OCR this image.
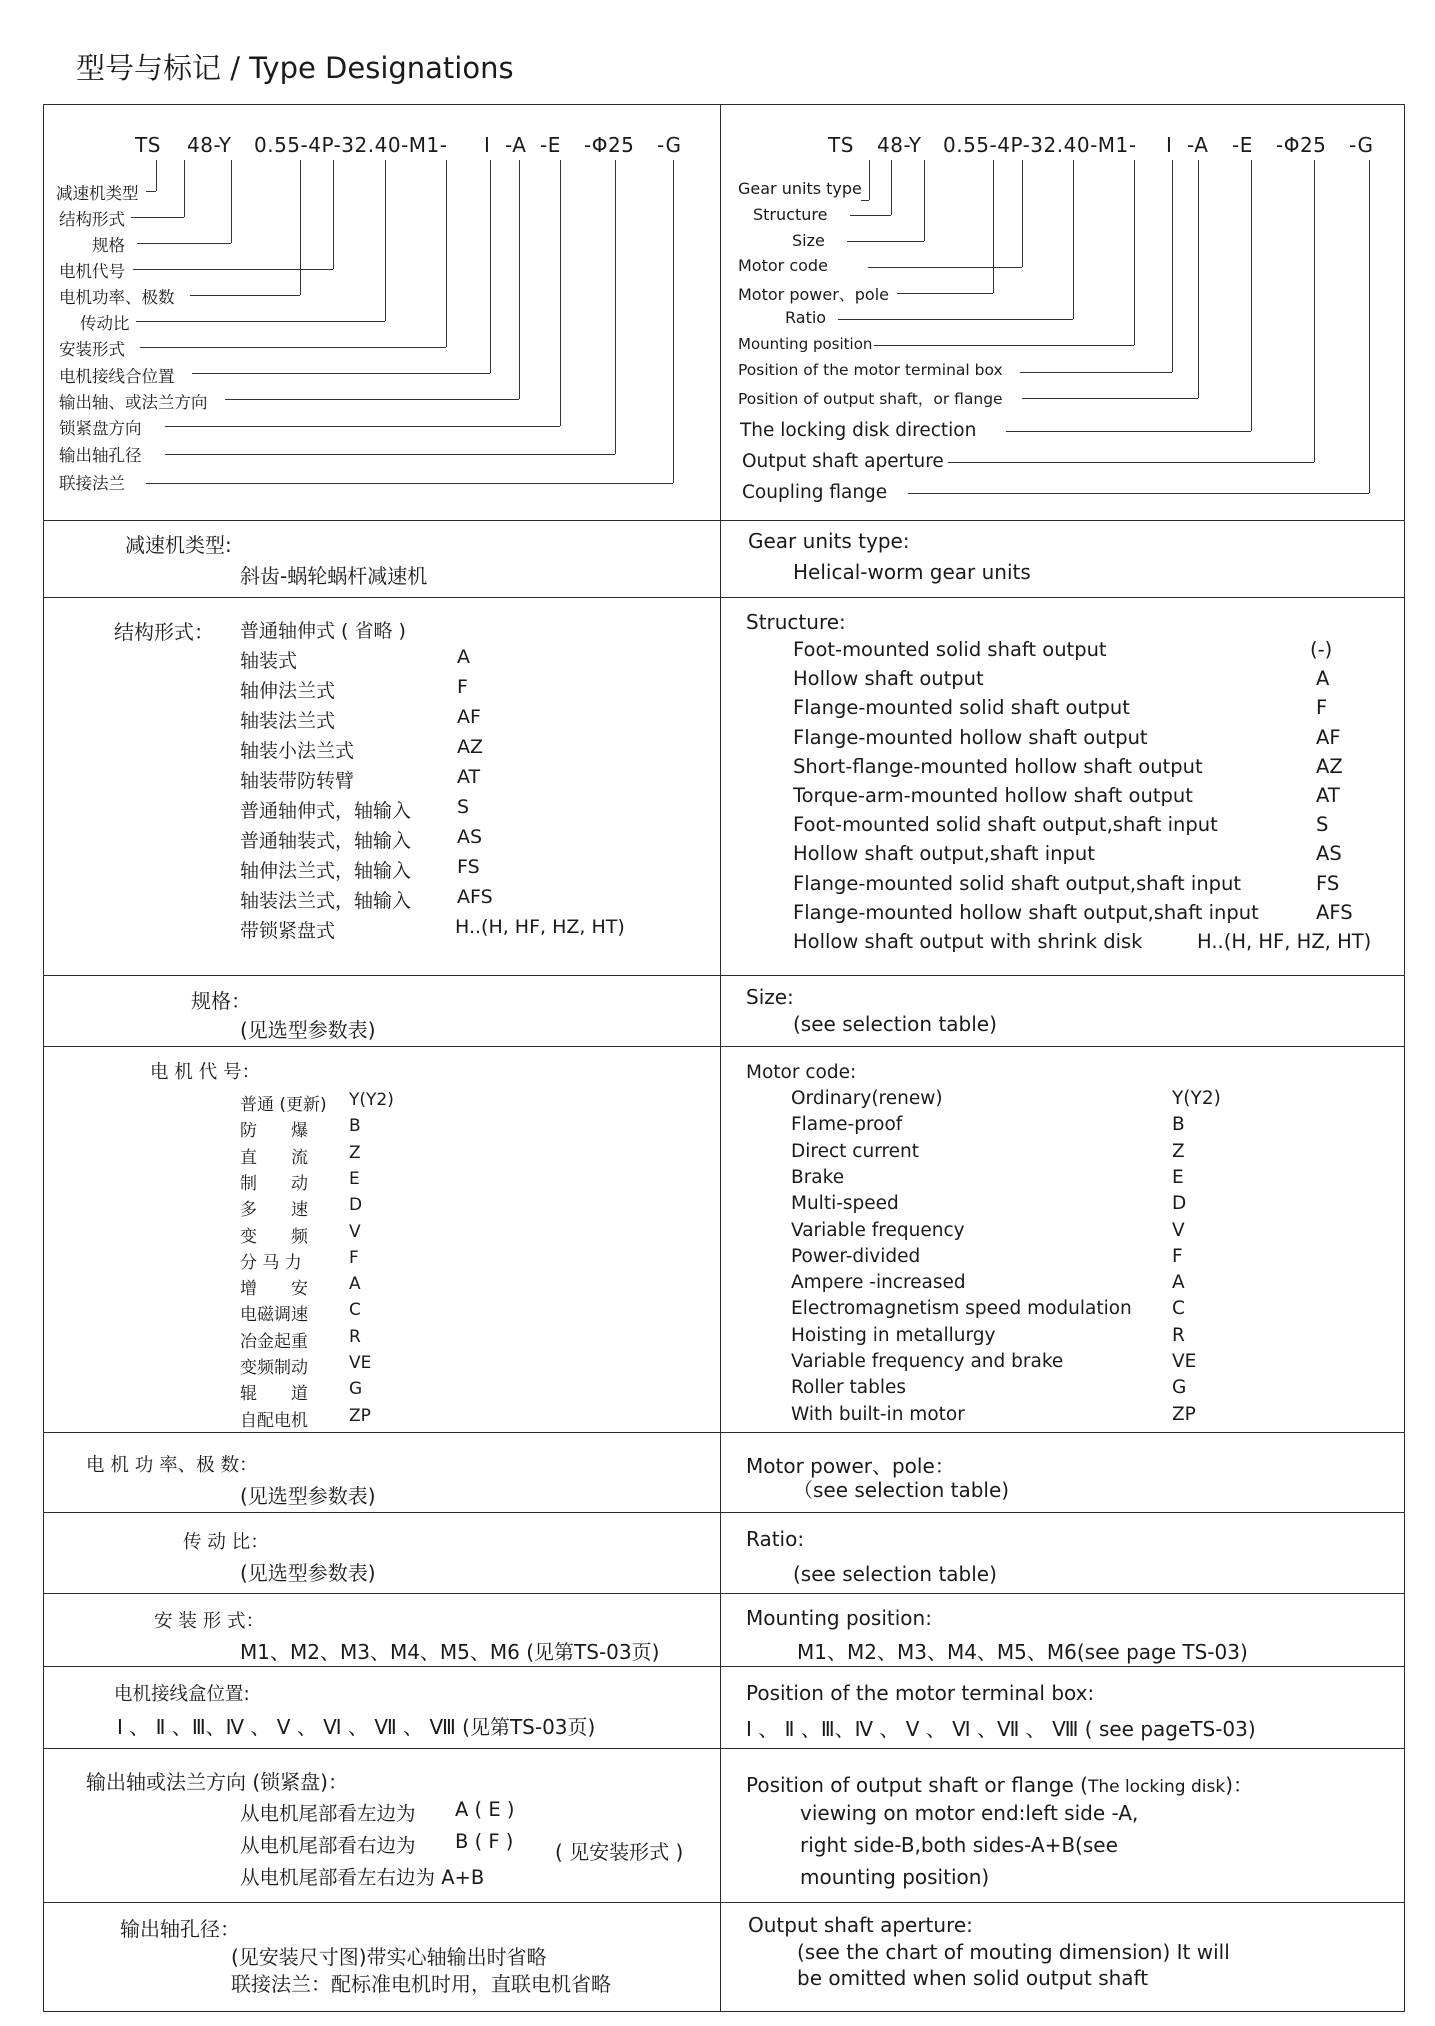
型号与标记 / Type Designations
TS 48-Y 0.55-4P-32.40-M1- Ⅰ -A -E -Φ25 -G
减速机类型
结构形式
规格
电机代号
电机功率、极数
传动比
安装形式
电机接线合位置
输出轴、或法兰方向
锁紧盘方向
输出轴孔径
联接法兰
TS 48-Y 0.55-4P-32.40-M1- Ⅰ -A -E -Φ25 -G
Gear units type
Structure
Size
Motor code
Motor power、pole
Ratio
Mounting position
Position of the motor terminal box
Position of output shaft，or flange
The locking disk direction
Output shaft aperture
Coupling flange
减速机类型:
斜齿-蜗轮蜗杆减速机
Gear units type:
Helical-worm gear units
结构形式： 普通轴伸式 ( 省略 )
轴装式	A
轴伸法兰式	F
轴装法兰式	AF
轴装小法兰式	AZ
轴装带防转臂	AT
普通轴伸式，轴输入 S
普通轴装式，轴输入 AS
轴伸法兰式，轴输入 FS
轴装法兰式，轴输入 AFS
带锁紧盘式	H..(H, HF, HZ, HT)
Structure:
Foot-mounted solid shaft output	(-)
Hollow shaft output	A
Flange-mounted solid shaft output	F
Flange-mounted hollow shaft output	AF
Short-flange-mounted hollow shaft output	AZ
Torque-arm-mounted hollow shaft output	AT
Foot-mounted solid shaft output,shaft input	S
Hollow shaft output,shaft input	AS
Flange-mounted solid shaft output,shaft input	FS
Flange-mounted hollow shaft output,shaft input	AFS
Hollow shaft output with shrink disk	H..(H, HF, HZ, HT)
规格：
(见选型参数表)
Size:
(see selection table)
电 机 代 号：
普通 (更新) Y(Y2)
防　　爆 B
直　　流 Z
制　　动 E
多　　速 D
变　　频 V
分 马 力	F
增　　安 A
电磁调速 C
冶金起重 R
变频制动 VE
辊　　道 G
自配电机 ZP
Motor code:
Ordinary(renew)	Y(Y2)
Flame-proof	B
Direct current	Z
Brake	E
Multi-speed	D
Variable frequency	V
Power-divided	F
Ampere -increased	A
Electromagnetism speed modulation C
Hoisting in metallurgy	R
Variable frequency and brake	VE
Roller tables	G
With built-in motor	ZP
电 机 功 率、极 数：
(见选型参数表)
Motor power、pole：
（see selection table)
传 动 比：
(见选型参数表)
Ratio:
(see selection table)
安 装 形 式：
M1、M2、M3、M4、M5、M6 (见第TS-03页)
Mounting position:
M1、M2、M3、M4、M5、M6(see page TS-03)
电机接线盒位置:
Ⅰ 、 Ⅱ 、Ⅲ、Ⅳ 、 Ⅴ 、 Ⅵ 、 Ⅶ 、 Ⅷ (见第TS-03页)
Position of the motor terminal box:
Ⅰ 、 Ⅱ 、Ⅲ、Ⅳ 、 Ⅴ 、 Ⅵ 、Ⅶ 、 Ⅷ ( see pageTS-03)
输出轴或法兰方向 (锁紧盘)：
从电机尾部看左边为 A ( E )
从电机尾部看右边为 B ( F )
从电机尾部看左右边为 A+B
( 见安装形式 )
Position of output shaft or flange (The locking disk)：
viewing on motor end:left side -A,
right side-B,both sides-A+B(see
mounting position)
输出轴孔径：
(见安装尺寸图)带实心轴输出时省略
联接法兰：配标准电机时用，直联电机省略
Output shaft aperture:
(see the chart of mouting dimension) It will
be omitted when solid output shaft
